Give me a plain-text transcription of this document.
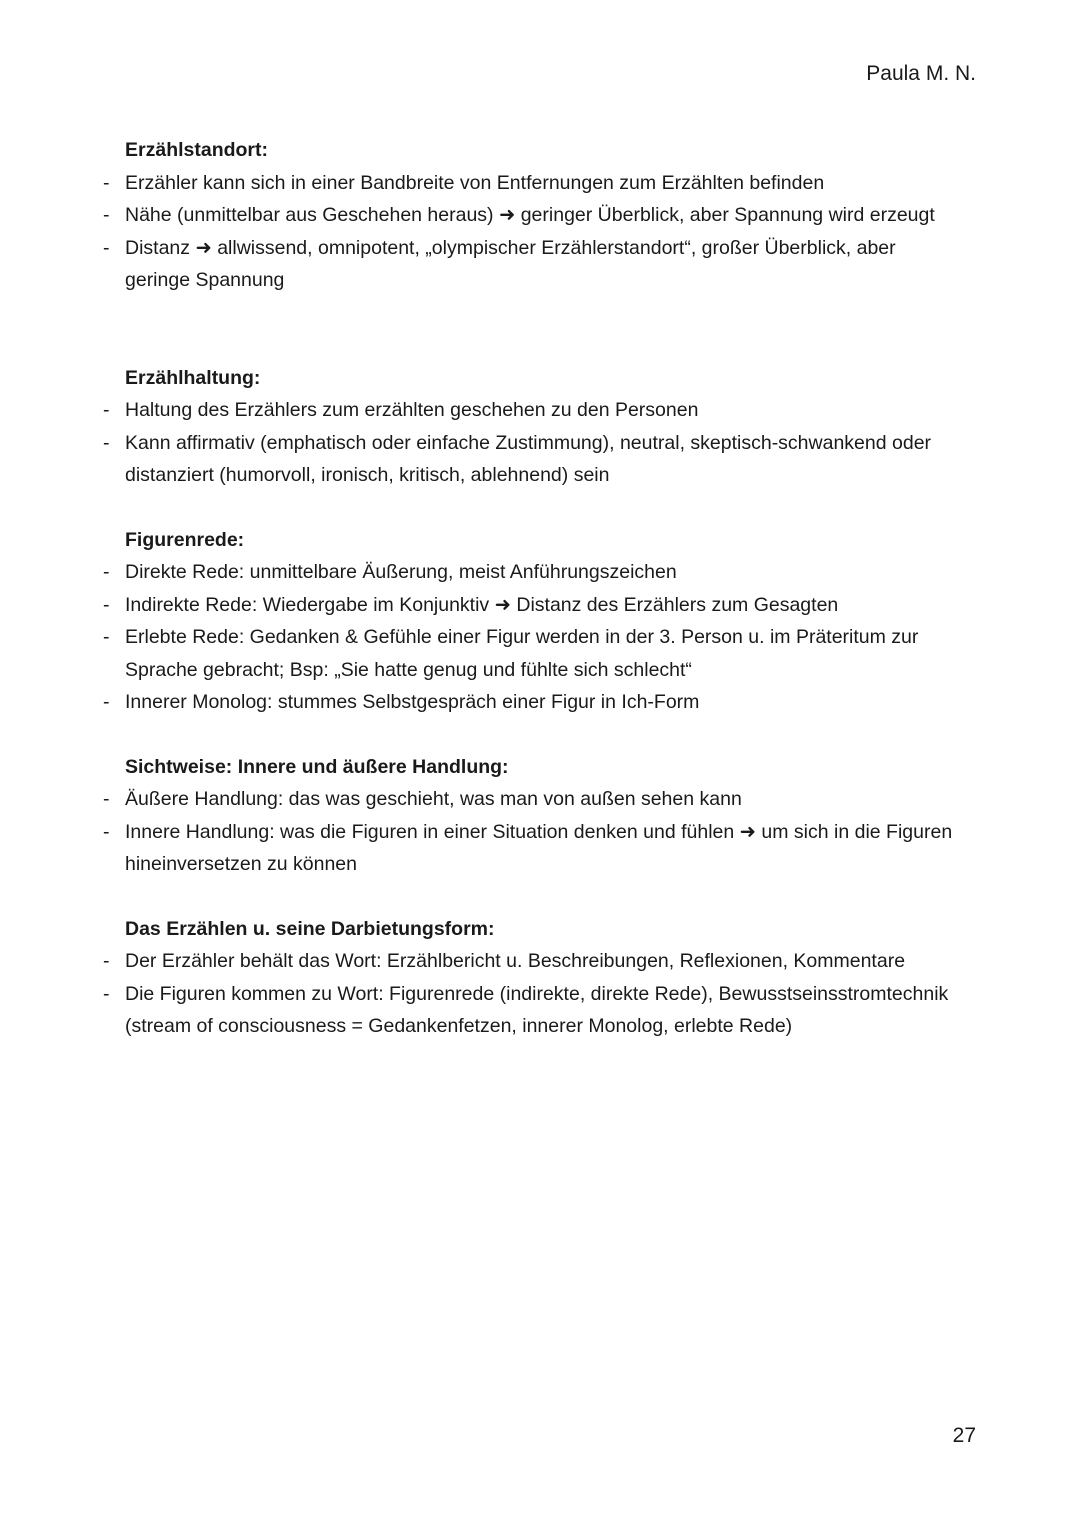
Paula M. N.
Erzählstandort:
- Erzähler kann sich in einer Bandbreite von Entfernungen zum Erzählten befinden
- Nähe (unmittelbar aus Geschehen heraus) ➜ geringer Überblick, aber Spannung wird erzeugt
- Distanz ➜ allwissend, omnipotent, „olympischer Erzählerstandort“, großer Überblick, aber geringe Spannung
Erzählhaltung:
- Haltung des Erzählers zum erzählten geschehen zu den Personen
- Kann affirmativ (emphatisch oder einfache Zustimmung), neutral, skeptisch-schwankend oder distanziert (humorvoll, ironisch, kritisch, ablehnend) sein
Figurenrede:
- Direkte Rede: unmittelbare Äußerung, meist Anführungszeichen
- Indirekte Rede: Wiedergabe im Konjunktiv ➜ Distanz des Erzählers zum Gesagten
- Erlebte Rede: Gedanken & Gefühle einer Figur werden in der 3. Person u. im Präteritum zur Sprache gebracht; Bsp: „Sie hatte genug und fühlte sich schlecht“
- Innerer Monolog: stummes Selbstgespräch einer Figur in Ich-Form
Sichtweise: Innere und äußere Handlung:
- Äußere Handlung: das was geschieht, was man von außen sehen kann
- Innere Handlung: was die Figuren in einer Situation denken und fühlen ➜ um sich in die Figuren hineinversetzen zu können
Das Erzählen u. seine Darbietungsform:
- Der Erzähler behält das Wort: Erzählbericht u. Beschreibungen, Reflexionen, Kommentare
- Die Figuren kommen zu Wort: Figurenrede (indirekte, direkte Rede), Bewusstseinsstromtechnik (stream of consciousness = Gedankenfetzen, innerer Monolog, erlebte Rede)
27
